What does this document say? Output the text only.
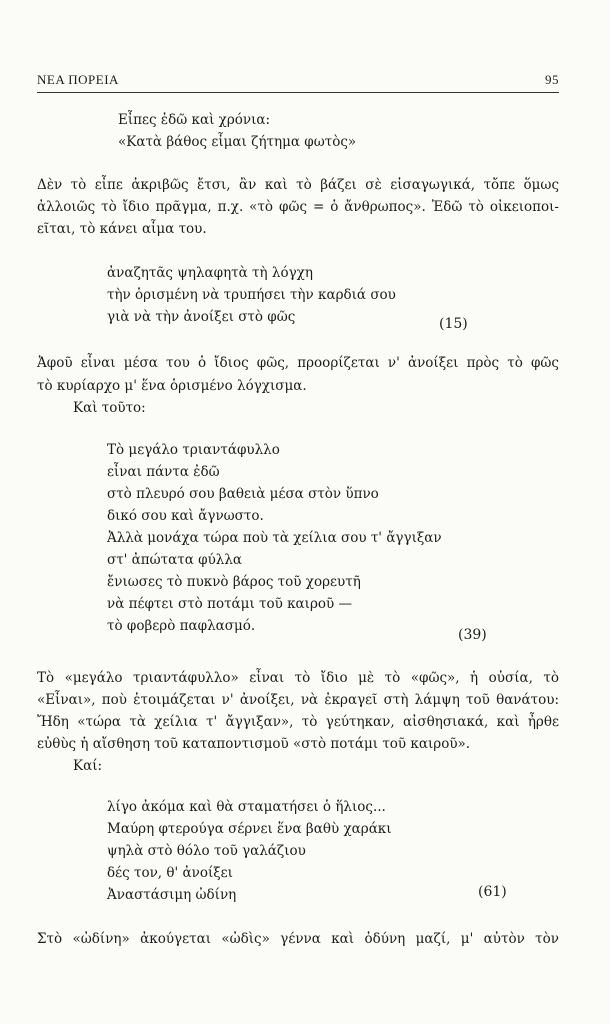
ΝΕΑ ΠΟΡΕΙΑ	95
Εἶπες ἐδῶ καὶ χρόνια:
«Κατὰ βάθος εἶμαι ζήτημα φωτὸς»
Δὲν τὸ εἶπε ἀκριβῶς ἔτσι, ἂν καὶ τὸ βάζει σὲ εἰσαγωγικά, τὄπε ὅμως
ἀλλοιῶς τὸ ἴδιο πρᾶγμα, π.χ. «τὸ φῶς = ὁ ἄνθρωπος». Ἐδῶ τὸ οἰκειοποι-
εῖται, τὸ κάνει αἷμα του.
ἀναζητᾶς ψηλαφητὰ τὴ λόγχη
τὴν ὁρισμένη νὰ τρυπήσει τὴν καρδιά σου
γιὰ νὰ τὴν ἀνοίξει στὸ φῶς	(15)
Ἀφοῦ εἶναι μέσα του ὁ ἴδιος φῶς, προορίζεται ν' ἀνοίξει πρὸς τὸ φῶς
τὸ κυρίαρχο μ' ἕνα ὁρισμένο λόγχισμα.
Καὶ τοῦτο:
Τὸ μεγάλο τριαντάφυλλο
εἶναι πάντα ἐδῶ
στὸ πλευρό σου βαθειὰ μέσα στὸν ὕπνο
δικό σου καὶ ἄγνωστο.
Ἀλλὰ μονάχα τώρα ποὺ τὰ χείλια σου τ' ἄγγιξαν
στ' ἀπώτατα φύλλα
ἔνιωσες τὸ πυκνὸ βάρος τοῦ χορευτῆ
νὰ πέφτει στὸ ποτάμι τοῦ καιροῦ —
τὸ φοβερὸ παφλασμό.
(39)
Τὸ «μεγάλο τριαντάφυλλο» εἶναι τὸ ἴδιο μὲ τὸ «φῶς», ἡ οὐσία, τὸ
«Εἶναι», ποὺ ἑτοιμάζεται ν' ἀνοίξει, νὰ ἐκραγεῖ στὴ λάμψη τοῦ θανάτου:
Ἤδη «τώρα τὰ χείλια τ' ἄγγιξαν», τὸ γεύτηκαν, αἰσθησιακά, καὶ ἦρθε
εὐθὺς ἡ αἴσθηση τοῦ καταποντισμοῦ «στὸ ποτάμι τοῦ καιροῦ».
Καί:
λίγο ἀκόμα καὶ θὰ σταματήσει ὁ ἥλιος...
Μαύρη φτερούγα σέρνει ἕνα βαθὺ χαράκι
ψηλὰ στὸ θόλο τοῦ γαλάζιου
δές τον, θ' ἀνοίξει
Ἀναστάσιμη ὠδίνη	(61)
Στὸ «ὠδίνη» ἀκούγεται «ὠδὶς» γέννα καὶ ὀδύνη μαζί, μ' αὐτὸν τὸν
